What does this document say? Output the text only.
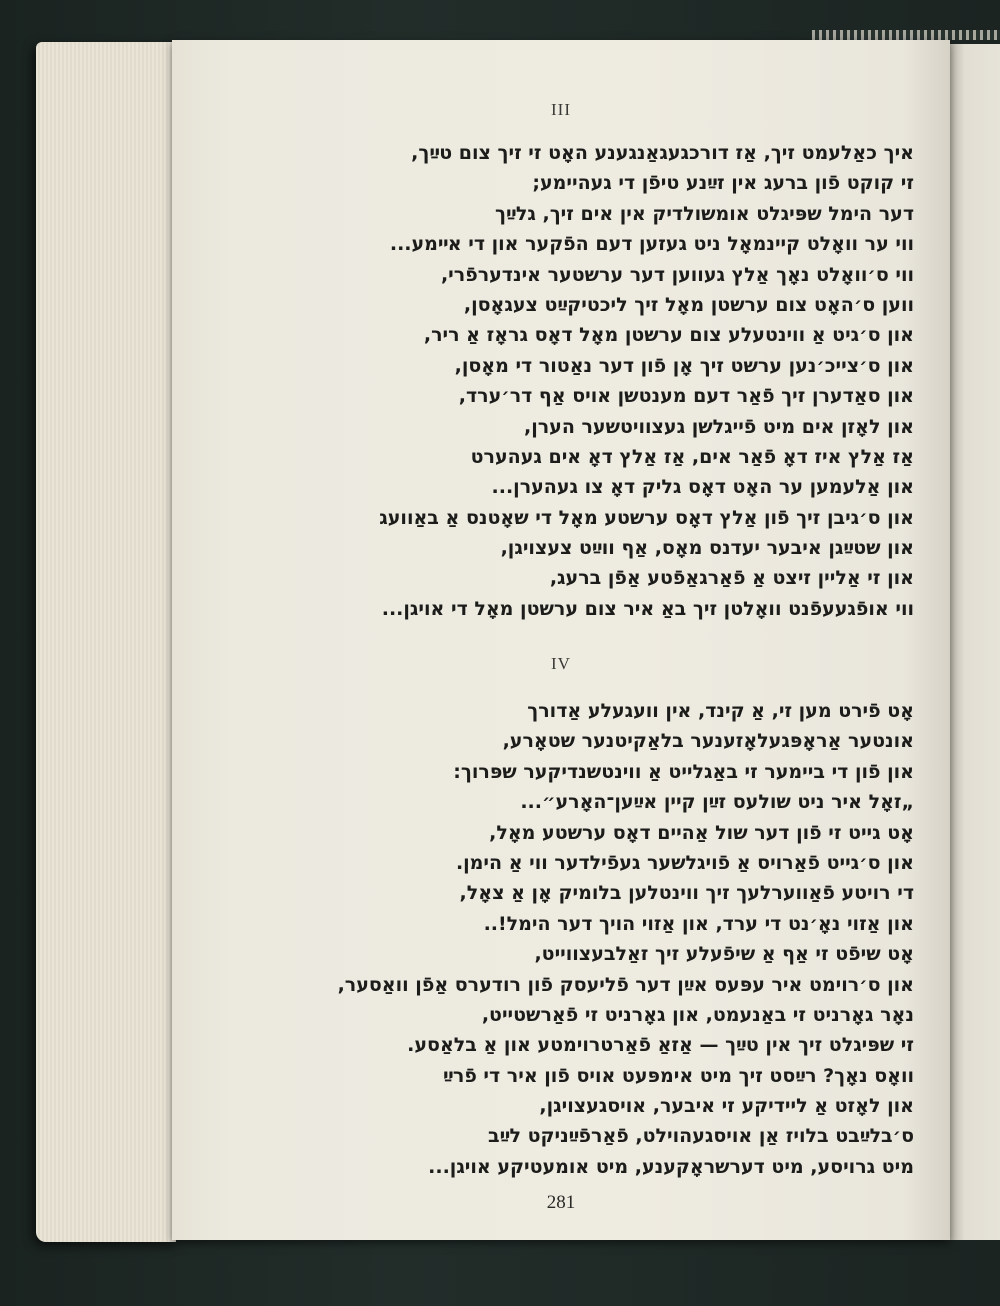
III
איך כאַלעמט זיך, אַז דורכגעגאַנגענע האָט זי זיך צום טײַך,
זי קוקט פֿון ברעג אין זײַנע טיפֿן די געהיימע;
דער הימל שפּיגלט אומשולדיק אין אים זיך, גלײַך
ווי ער וואָלט קיינמאָל ניט געזען דעם הפֿקער און די אײמע...
ווי ס׳וואָלט נאָך אַלץ געווען דער ערשטער אינדערפֿרי,
ווען ס׳האָט צום ערשטן מאָל זיך ליכטיקײַט צעגאָסן,
און ס׳גיט אַ ווינטעלע צום ערשטן מאָל דאָס גראָז אַ ריר,
און ס׳צייכ׳נען ערשט זיך אָן פֿון דער נאַטור די מאָסן,
און סאַדערן זיך פֿאַר דעם מענטשן אויס אַף דר׳ערד,
און לאָזן אים מיט פֿייגלשן געצוויטשער הערן,
אַז אַלץ איז דאָ פֿאַר אים, אַז אַלץ דאָ אים געהערט
און אַלעמען ער האָט דאָס גליק דאָ צו געהערן...
און ס׳גיבן זיך פֿון אַלץ דאָס ערשטע מאָל די שאָטנס אַ באַוועג
און שטײַגן איבער יעדנס מאָס, אַף ווײַט צעצויגן,
און זי אַליין זיצט אַ פֿאַרגאַפֿטע אַפֿן ברעג,
ווי אופֿגעעפֿנט וואָלטן זיך באַ איר צום ערשטן מאָל די אויגן...
IV
אָט פֿירט מען זי, אַ קינד, אין וועגעלע אַדורך
אונטער אַראָפּגעלאָזענער בלאַקיטנער שטאָרע,
און פֿון די ביימער זי באַגלייט אַ ווינטשנדיקער שפּרוך:
„זאָל איר ניט שולעס זײַן קיין אײַען־האָרע״...
אָט גייט זי פֿון דער שול אַהיים דאָס ערשטע מאָל,
און ס׳גייט פֿאַרויס אַ פֿויגלשער געפֿילדער ווי אַ הימן.
די רויטע פֿאַווערלעך זיך ווינטלען בלומיק אָן אַ צאָל,
און אַזוי נאָ׳נט די ערד, און אַזוי הויך דער הימל!..
אָט שיפֿט זי אַף אַ שיפֿעלע זיך זאַלבעצווייט,
און ס׳רוימט איר עפּעס אײַן דער פֿליעסק פֿון רודערס אַפֿן וואַסער,
נאָר גאָרניט זי באַנעמט, און גאָרניט זי פֿאַרשטייט,
זי שפּיגלט זיך אין טײַך — אַזאַ פֿאַרטרוימטע און אַ בלאַסע.
וואָס נאָך? רײַסט זיך מיט אימפּעט אויס פֿון איר די פֿרײַ
און לאָזט אַ ליידיקע זי איבער, אויסגעצויגן,
ס׳בלײַבט בלויז אַן אויסגעהוילט, פֿאַרפֿײַניקט לײַב
מיט גרויסע, מיט דערשראָקענע, מיט אומעטיקע אויגן...
281
